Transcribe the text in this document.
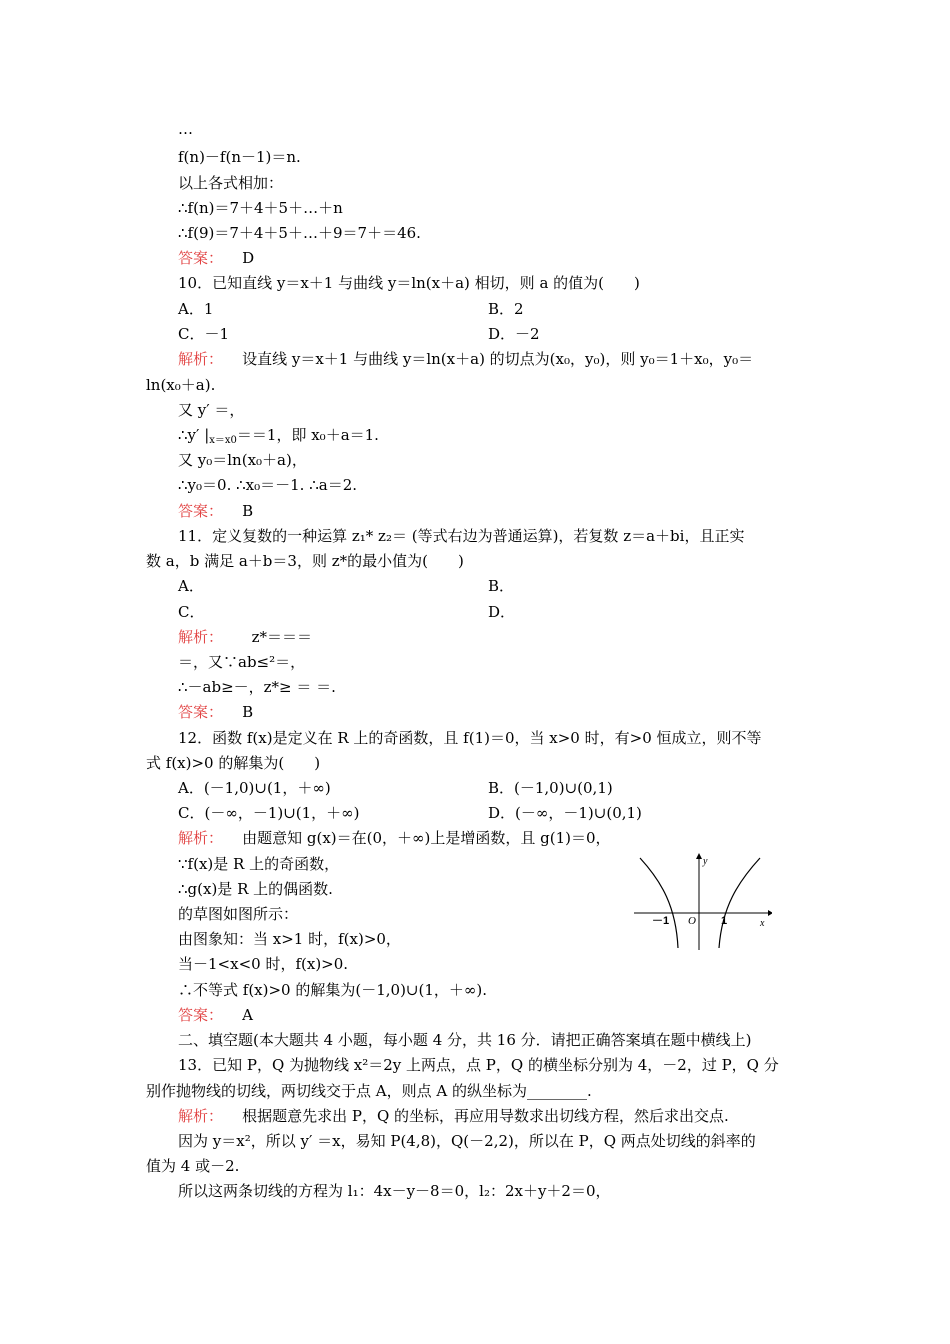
…
f(n)－f(n－1)＝n.
以上各式相加：
∴f(n)＝7＋4＋5＋…＋n
∴f(9)＝7＋4＋5＋…＋9＝7＋＝46.
答案： D
10．已知直线 y＝x＋1 与曲线 y＝ln(x＋a) 相切，则 a 的值为(　　)
A．1	B．2
C．－1	D．－2
解析： 设直线 y＝x＋1 与曲线 y＝ln(x＋a) 的切点为(x₀，y₀)，则 y₀＝1＋x₀，y₀＝
ln(x₀＋a).
又 y′ ＝，
∴y′ $|_{x=x0}==1$，即 x₀＋a＝1.
又 y₀＝ln(x₀＋a)，
∴y₀＝0. ∴x₀＝－1. ∴a＝2.
答案： B
11．定义复数的一种运算 z₁* z₂＝ (等式右边为普通运算)，若复数 z＝a＋bi，且正实
数 a，b 满足 a＋b＝3，则 z*的最小值为(　　)
A．	B．
C．	D．
解析： z*＝＝＝
＝，又∵ab≤²＝，
∴－ab≥－，z*≥ ＝ ＝.
答案： B
12．函数 f(x)是定义在 R 上的奇函数，且 f(1)＝0，当 x>0 时，有>0 恒成立，则不等
式 f(x)>0 的解集为(　　)
A．(－1,0)∪(1，＋∞)	B．(－1,0)∪(0,1)
C．(－∞，－1)∪(1，＋∞)	D．(－∞，－1)∪(0,1)
解析： 由题意知 g(x)＝在(0，＋∞)上是增函数，且 g(1)＝0，
∵f(x)是 R 上的奇函数，
∴g(x)是 R 上的偶函数.
的草图如图所示：
由图象知：当 x>1 时，f(x)>0，
当－1<x<0 时，f(x)>0.
∴不等式 f(x)>0 的解集为(－1,0)∪(1，＋∞).
答案： A
二、填空题(本大题共 4 小题，每小题 4 分，共 16 分．请把正确答案填在题中横线上)
13．已知 P，Q 为抛物线 x²＝2y 上两点，点 P，Q 的横坐标分别为 4，－2，过 P，Q 分
别作抛物线的切线，两切线交于点 A，则点 A 的纵坐标为________.
解析： 根据题意先求出 P，Q 的坐标，再应用导数求出切线方程，然后求出交点.
因为 y＝x²，所以 y′ ＝x，易知 P(4,8)，Q(－2,2)，所以在 P，Q 两点处切线的斜率的
值为 4 或－2.
所以这两条切线的方程为 l₁：4x－y－8＝0，l₂：2x＋y＋2＝0，
y
x
O
－1	1
